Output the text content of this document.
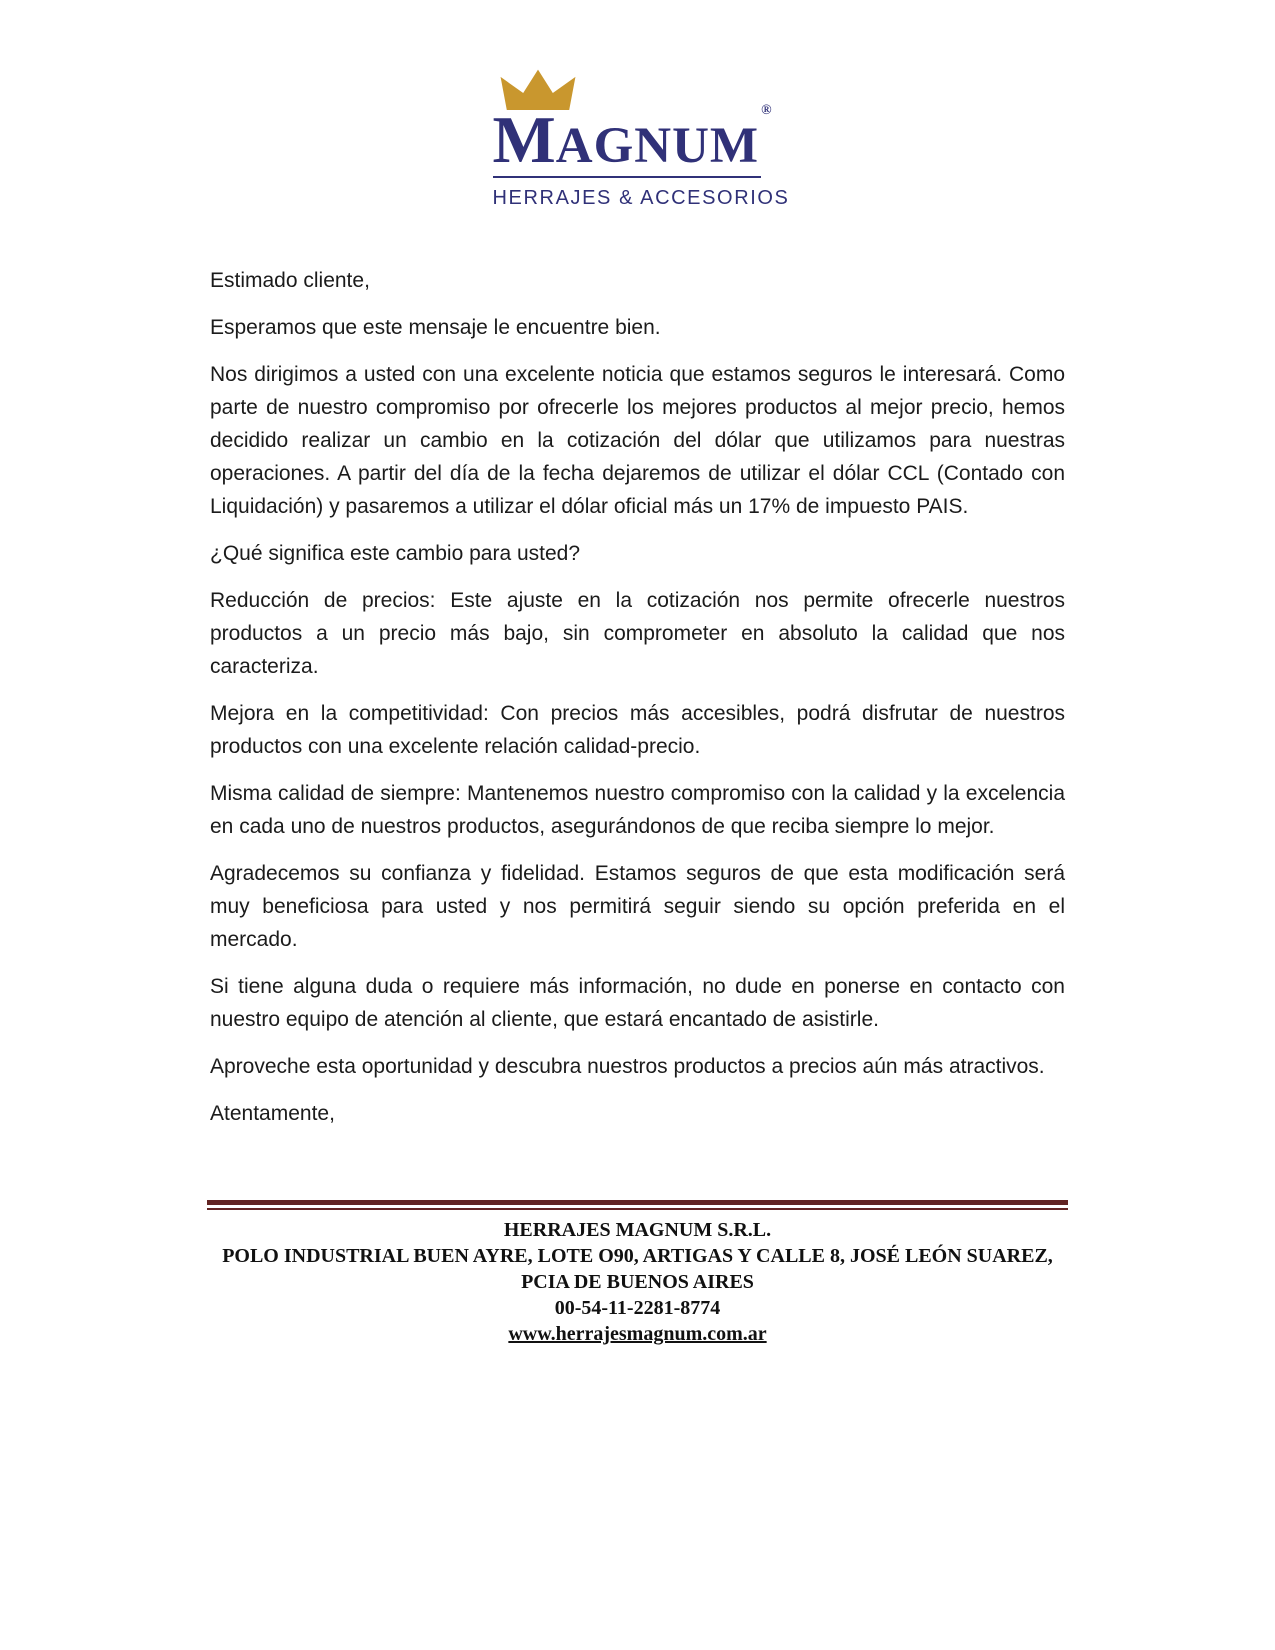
MAGNUM®
HERRAJES & ACCESORIOS

Estimado cliente,

Esperamos que este mensaje le encuentre bien.

Nos dirigimos a usted con una excelente noticia que estamos seguros le interesará. Como parte de nuestro compromiso por ofrecerle los mejores productos al mejor precio, hemos decidido realizar un cambio en la cotización del dólar que utilizamos para nuestras operaciones. A partir del día de la fecha dejaremos de utilizar el dólar CCL (Contado con Liquidación) y pasaremos a utilizar el dólar oficial más un 17% de impuesto PAIS.

¿Qué significa este cambio para usted?

Reducción de precios: Este ajuste en la cotización nos permite ofrecerle nuestros productos a un precio más bajo, sin comprometer en absoluto la calidad que nos caracteriza.

Mejora en la competitividad: Con precios más accesibles, podrá disfrutar de nuestros productos con una excelente relación calidad-precio.

Misma calidad de siempre: Mantenemos nuestro compromiso con la calidad y la excelencia en cada uno de nuestros productos, asegurándonos de que reciba siempre lo mejor.

Agradecemos su confianza y fidelidad. Estamos seguros de que esta modificación será muy beneficiosa para usted y nos permitirá seguir siendo su opción preferida en el mercado.

Si tiene alguna duda o requiere más información, no dude en ponerse en contacto con nuestro equipo de atención al cliente, que estará encantado de asistirle.

Aproveche esta oportunidad y descubra nuestros productos a precios aún más atractivos.

Atentamente,

HERRAJES MAGNUM S.R.L.

POLO INDUSTRIAL BUEN AYRE, LOTE O90, ARTIGAS Y CALLE 8, JOSÉ LEÓN SUAREZ,

PCIA DE BUENOS AIRES

00-54-11-2281-8774

www.herrajesmagnum.com.ar
